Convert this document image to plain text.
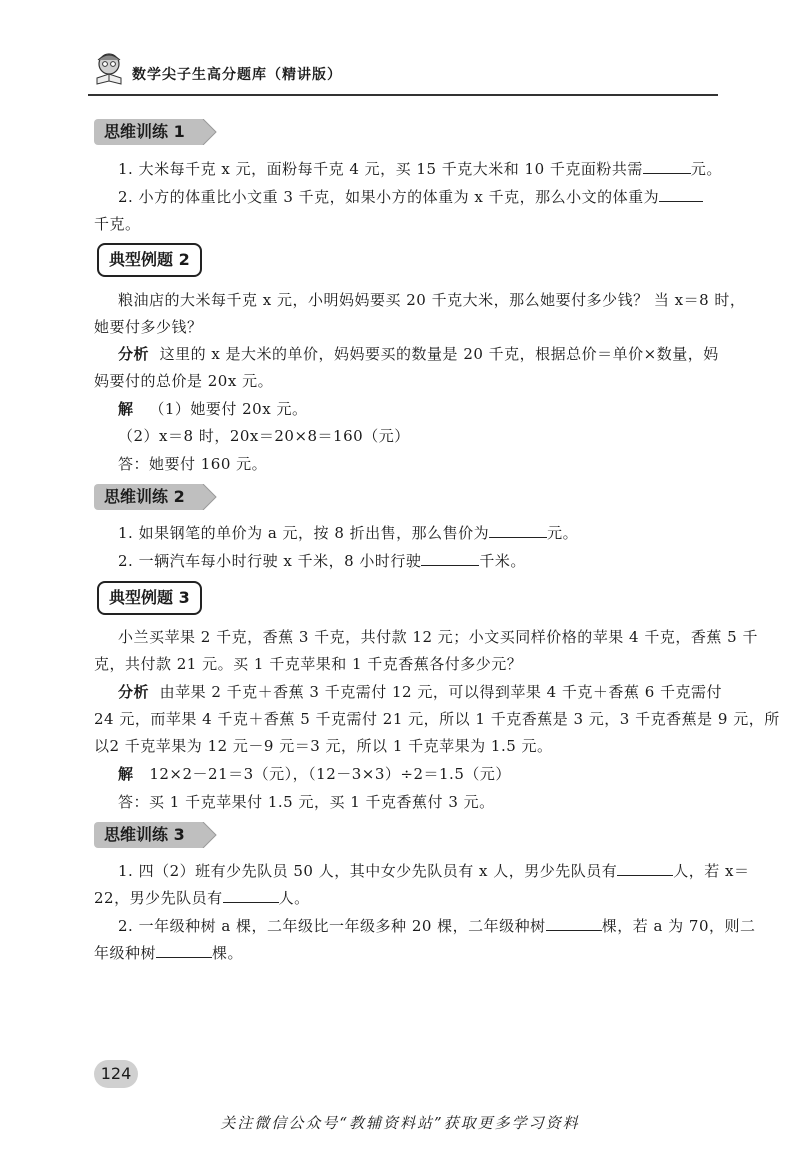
数学尖子生高分题库（精讲版）
思维训练 1
1. 大米每千克 x 元，面粉每千克 4 元，买 15 千克大米和 10 千克面粉共需	元。
2. 小方的体重比小文重 3 千克，如果小方的体重为 x 千克，那么小文的体重为
千克。
典型例题 2
粮油店的大米每千克 x 元，小明妈妈要买 20 千克大米，那么她要付多少钱？ 当 x＝8 时，
她要付多少钱？
分析 这里的 x 是大米的单价，妈妈要买的数量是 20 千克，根据总价＝单价×数量，妈
妈要付的总价是 20x 元。
解 （1）她要付 20x 元。
（2）x＝8 时，20x＝20×8＝160（元）
答：她要付 160 元。
思维训练 2
1. 如果钢笔的单价为 a 元，按 8 折出售，那么售价为	元。
2. 一辆汽车每小时行驶 x 千米，8 小时行驶	千米。
典型例题 3
小兰买苹果 2 千克，香蕉 3 千克，共付款 12 元；小文买同样价格的苹果 4 千克，香蕉 5 千
克，共付款 21 元。买 1 千克苹果和 1 千克香蕉各付多少元？
分析 由苹果 2 千克＋香蕉 3 千克需付 12 元，可以得到苹果 4 千克＋香蕉 6 千克需付
24 元，而苹果 4 千克＋香蕉 5 千克需付 21 元，所以 1 千克香蕉是 3 元，3 千克香蕉是 9 元，所
以2 千克苹果为 12 元－9 元＝3 元，所以 1 千克苹果为 1.5 元。
解 12×2－21＝3（元），（12－3×3）÷2＝1.5（元）
答：买 1 千克苹果付 1.5 元，买 1 千克香蕉付 3 元。
思维训练 3
1. 四（2）班有少先队员 50 人，其中女少先队员有 x 人，男少先队员有	人，若 x＝
22，男少先队员有	人。
2. 一年级种树 a 棵，二年级比一年级多种 20 棵，二年级种树	棵，若 a 为 70，则二
年级种树	棵。
124
关注微信公众号“教辅资料站”获取更多学习资料
